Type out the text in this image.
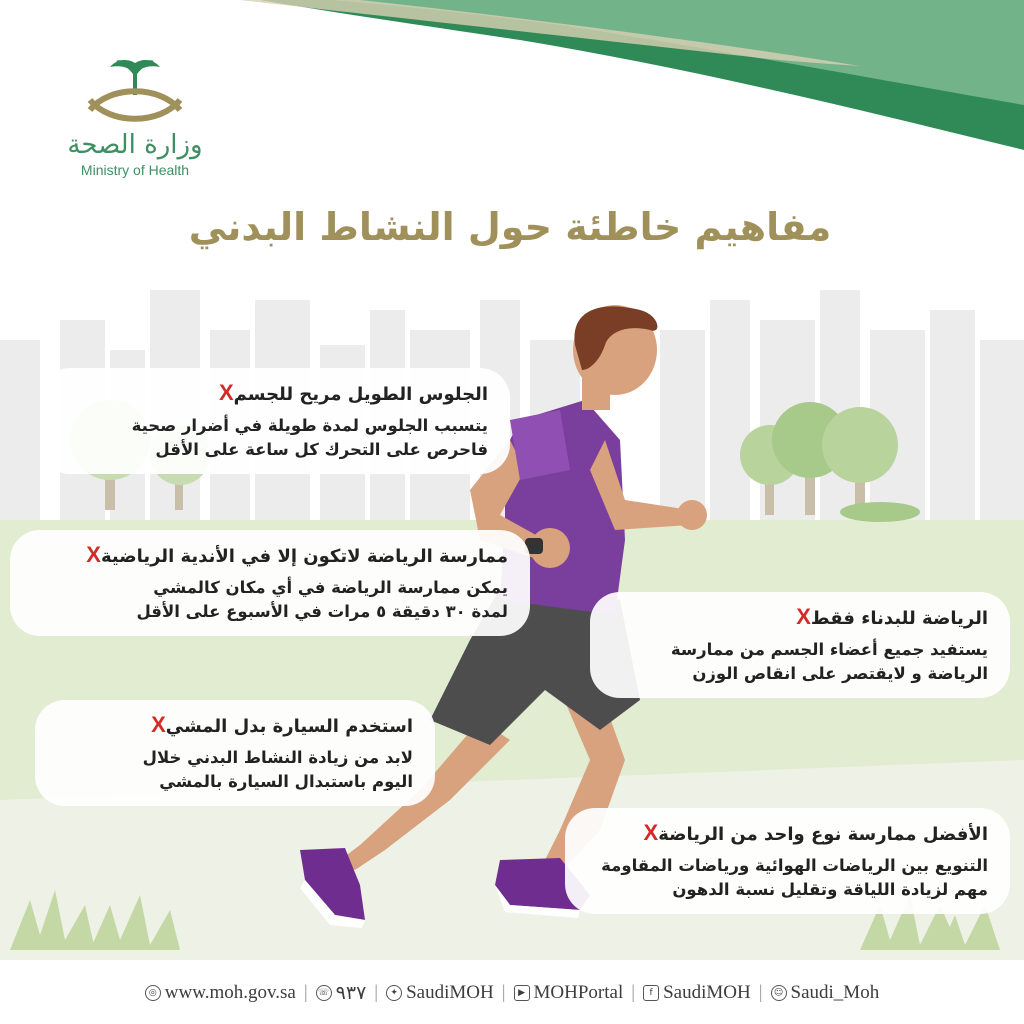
وزارة الصحة
Ministry of Health
مفاهيم خاطئة حول النشاط البدني
الجلوس الطويل مريح للجسمX
يتسبب الجلوس لمدة طويلة في أضرار صحية
فاحرص على التحرك كل ساعة على الأقل
ممارسة الرياضة لاتكون إلا في الأندية الرياضيةX
يمكن ممارسة الرياضة في أي مكان كالمشي
لمدة ٣٠ دقيقة ٥ مرات في الأسبوع على الأقل	الرياضة للبدناء فقطX
يستفيد جميع أعضاء الجسم من ممارسة
الرياضة و لايقتصر على انقاص الوزن
استخدم السيارة بدل المشيX
لابد من زيادة النشاط البدني خلال
اليوم باستبدال السيارة بالمشي
الأفضل ممارسة نوع واحد من الرياضةX
التنويع بين الرياضات الهوائية ورياضات المقاومة
مهم لزيادة اللياقة وتقليل نسبة الدهون
◎ www.moh.gov.sa | ☏ ٩٣٧ |	✦ SaudiMOH |	▶ MOHPortal |	f SaudiMOH |	☺ Saudi_Moh
